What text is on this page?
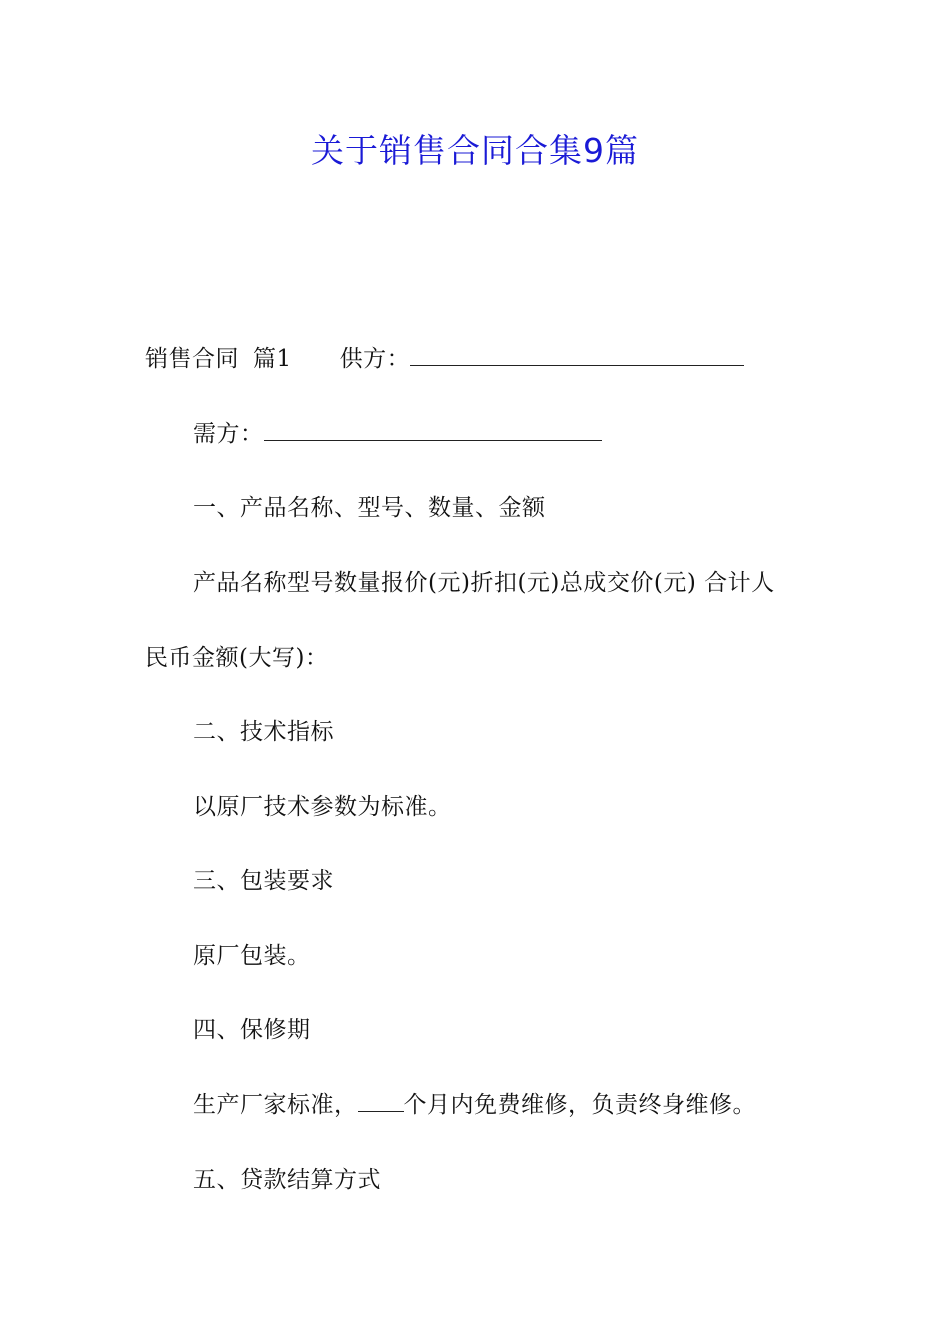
关于销售合同合集9篇
销售合同 篇1 供方：
需方：
一、产品名称、型号、数量、金额
产品名称型号数量报价(元)折扣(元)总成交价(元) 合计人
民币金额(大写)：
二、技术指标
以原厂技术参数为标准。
三、包装要求
原厂包装。
四、保修期
生产厂家标准， 个月内免费维修，负责终身维修。
五、贷款结算方式
